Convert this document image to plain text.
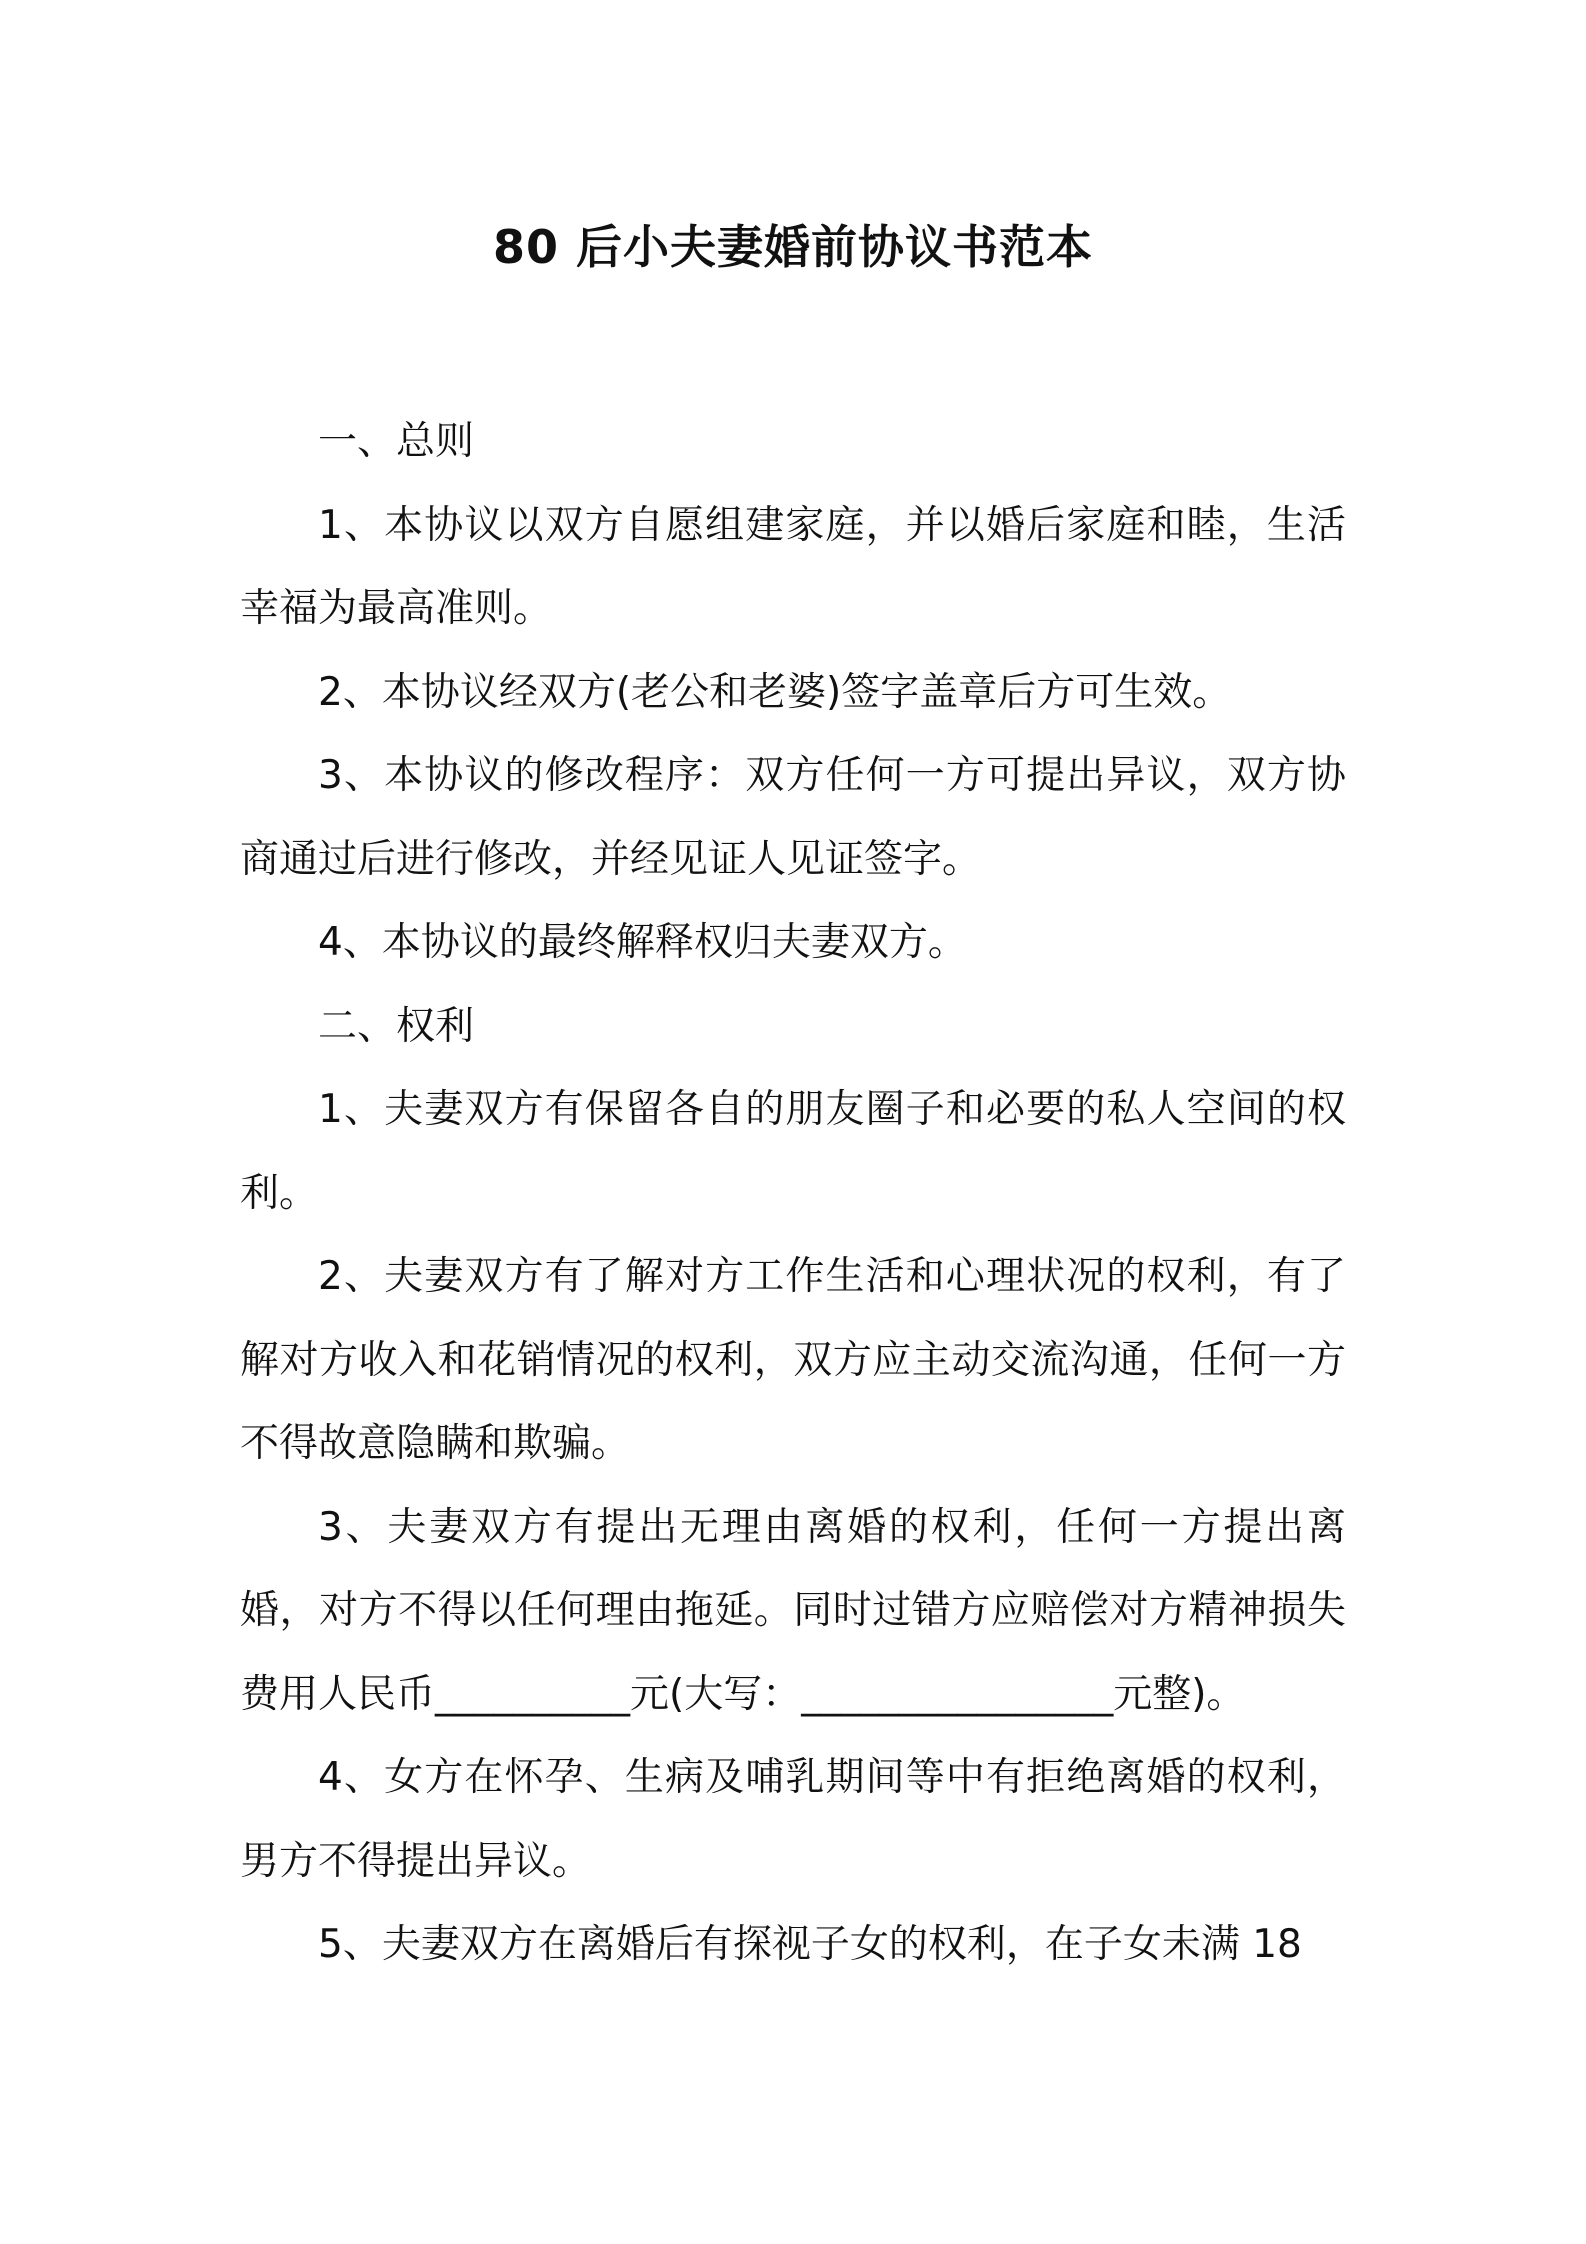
80 后小夫妻婚前协议书范本

一、总则

1、本协议以双方自愿组建家庭，并以婚后家庭和睦，生活幸福为最高准则。

2、本协议经双方(老公和老婆)签字盖章后方可生效。

3、本协议的修改程序：双方任何一方可提出异议，双方协商通过后进行修改，并经见证人见证签字。

4、本协议的最终解释权归夫妻双方。

二、权利

1、夫妻双方有保留各自的朋友圈子和必要的私人空间的权利。

2、夫妻双方有了解对方工作生活和心理状况的权利，有了解对方收入和花销情况的权利，双方应主动交流沟通，任何一方不得故意隐瞒和欺骗。

3、夫妻双方有提出无理由离婚的权利，任何一方提出离婚，对方不得以任何理由拖延。同时过错方应赔偿对方精神损失费用人民币__________元(大写：________________元整)。

4、女方在怀孕、生病及哺乳期间等中有拒绝离婚的权利，男方不得提出异议。

5、夫妻双方在离婚后有探视子女的权利，在子女未满 18
